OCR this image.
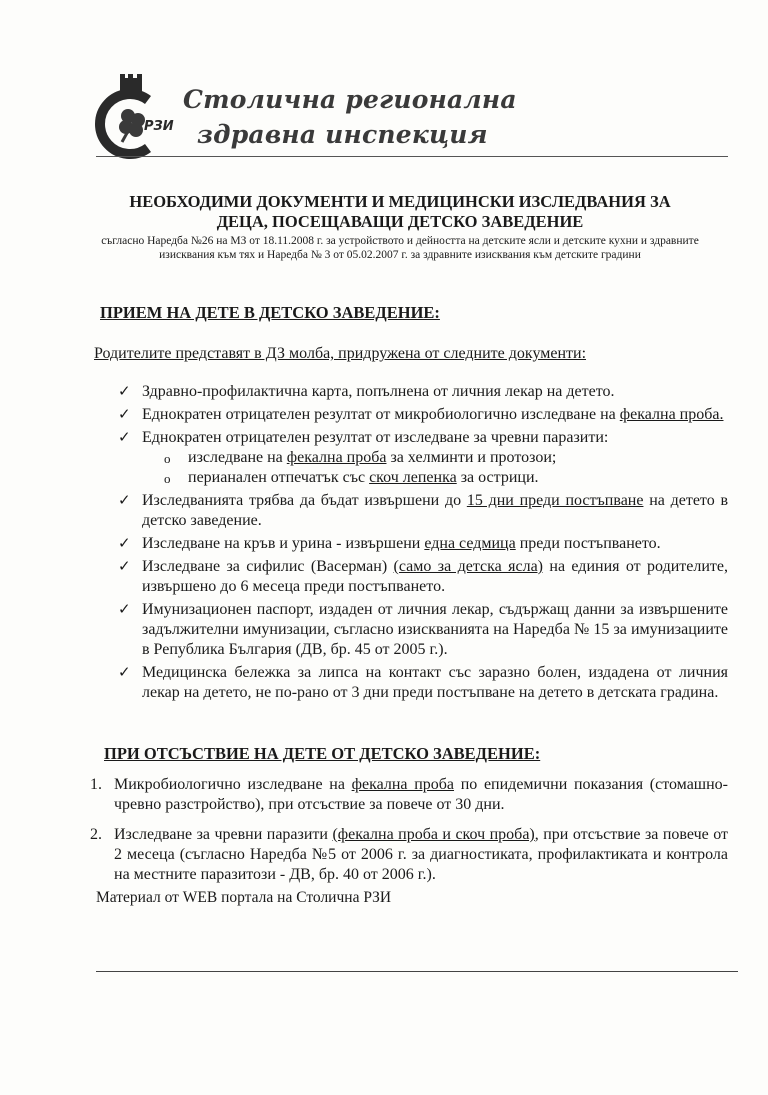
РЗИ
Столична регионална
здравна инспекция
НЕОБХОДИМИ ДОКУМЕНТИ И МЕДИЦИНСКИ ИЗСЛЕДВАНИЯ ЗА
ДЕЦА, ПОСЕЩАВАЩИ ДЕТСКО ЗАВЕДЕНИЕ
съгласно Наредба №26 на МЗ от 18.11.2008 г. за устройството и дейността на детските ясли и детските кухни и здравните изисквания към тях и Наредба № 3 от 05.02.2007 г. за здравните изисквания към детските градини
ПРИЕМ НА ДЕТЕ В ДЕТСКО ЗАВЕДЕНИЕ:
Родителите представят в ДЗ молба, придружена от следните документи:
✓ Здравно-профилактична карта, попълнена от личния лекар на детето.
✓ Еднократен отрицателен резултат от микробиологично изследване на фекална проба.
✓ Еднократен отрицателен резултат от изследване за чревни паразити:
o изследване на фекална проба за хелминти и протозои;
o перианален отпечатък със скоч лепенка за острици.
✓ Изследванията трябва да бъдат извършени до 15 дни преди постъпване на детето в детско заведение.
✓ Изследване на кръв и урина - извършени една седмица преди постъпването.
✓ Изследване за сифилис (Васерман) (само за детска ясла) на единия от родителите, извършено до 6 месеца преди постъпването.
✓ Имунизационен паспорт, издаден от личния лекар, съдържащ данни за извършените задължителни имунизации, съгласно изискванията на Наредба № 15 за имунизациите в Република България (ДВ, бр. 45 от 2005 г.).
✓ Медицинска бележка за липса на контакт със заразно болен, издадена от личния лекар на детето, не по-рано от 3 дни преди постъпване на детето в детската градина.
ПРИ ОТСЪСТВИЕ НА ДЕТЕ ОТ ДЕТСКО ЗАВЕДЕНИЕ:
1. Микробиологично изследване на фекална проба по епидемични показания (стомашно-чревно разстройство), при отсъствие за повече от 30 дни.
2. Изследване за чревни паразити (фекална проба и скоч проба), при отсъствие за повече от 2 месеца (съгласно Наредба №5 от 2006 г. за диагностиката, профилактиката и контрола на местните паразитози - ДВ, бр. 40 от 2006 г.).
Материал от WEB портала на Столична РЗИ
